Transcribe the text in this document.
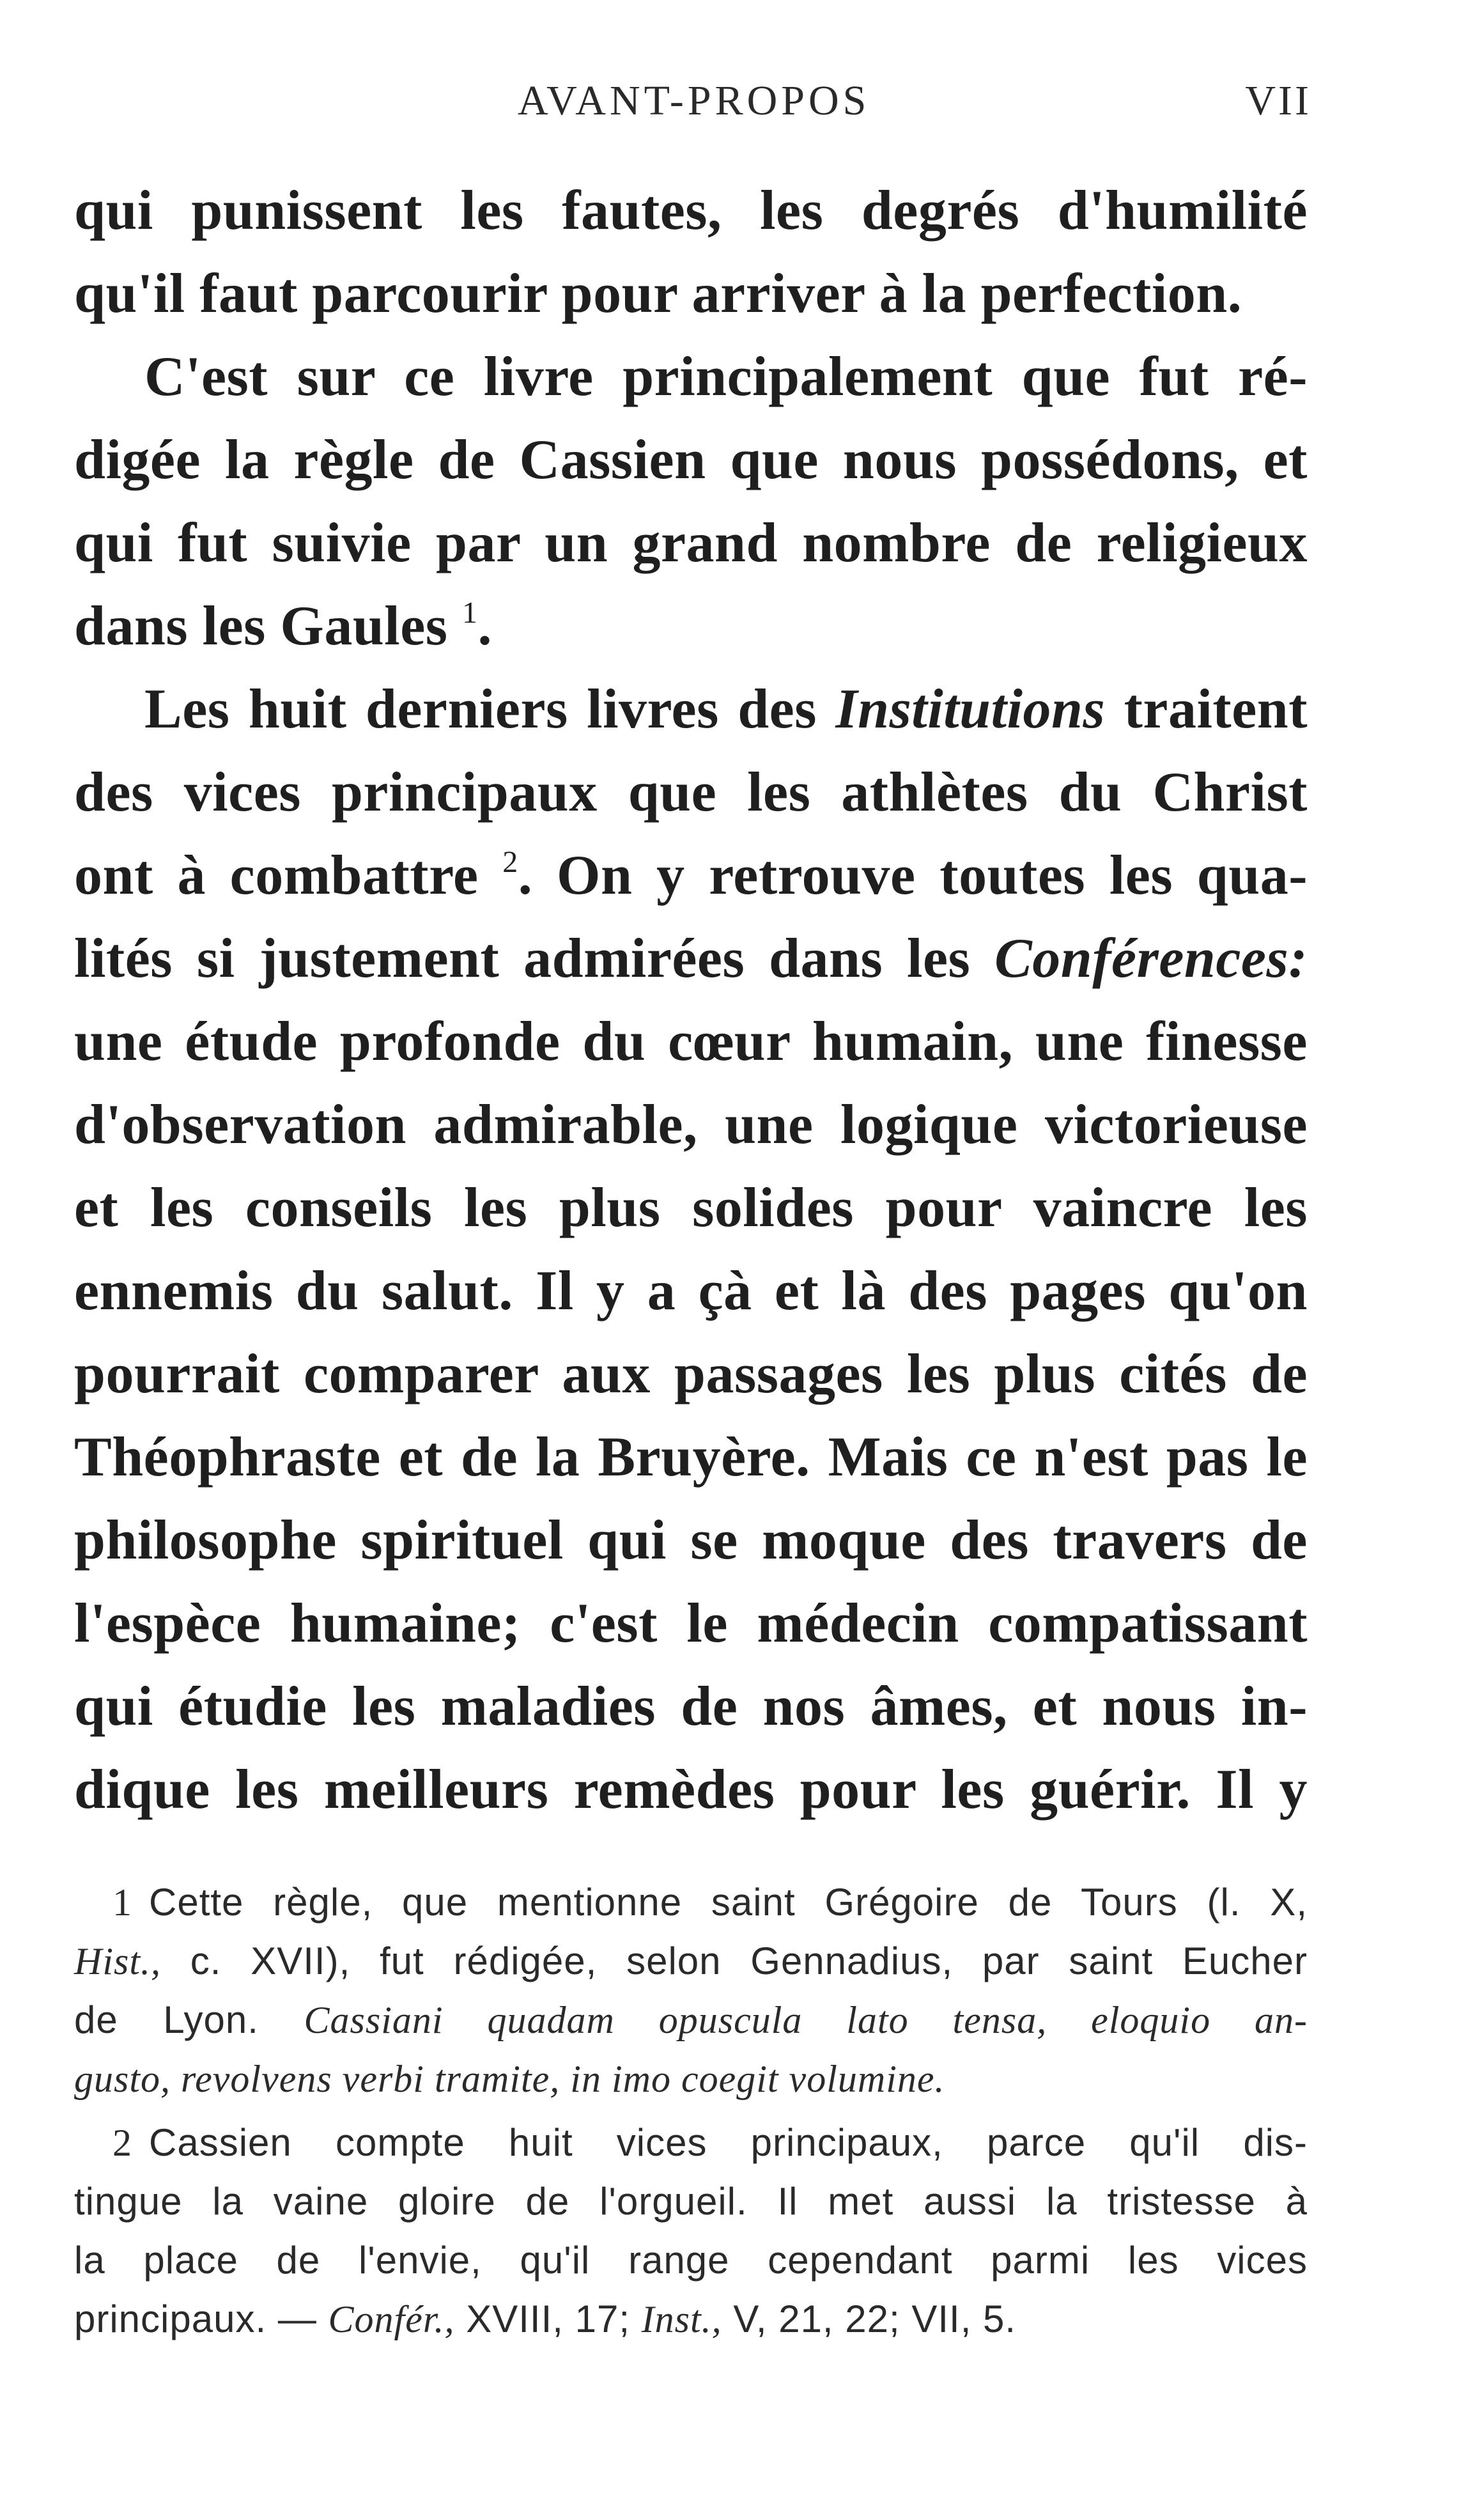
AVANT-PROPOS	VII
qui punissent les fautes, les degrés d'humilité
qu'il faut parcourir pour arriver à la perfection.
C'est sur ce livre principalement que fut ré-
digée la règle de Cassien que nous possédons, et
qui fut suivie par un grand nombre de religieux
dans les Gaules $^1$.
Les huit derniers livres des Institutions traitent
des vices principaux que les athlètes du Christ
ont à combattre $^2$. On y retrouve toutes les qua-
lités si justement admirées dans les Conférences:
une étude profonde du cœur humain, une finesse
d'observation admirable, une logique victorieuse
et les conseils les plus solides pour vaincre les
ennemis du salut. Il y a çà et là des pages qu'on
pourrait comparer aux passages les plus cités de
Théophraste et de la Bruyère. Mais ce n'est pas le
philosophe spirituel qui se moque des travers de
l'espèce humaine; c'est le médecin compatissant
qui étudie les maladies de nos âmes, et nous in-
dique les meilleurs remèdes pour les guérir. Il y
1 Cette règle, que mentionne saint Grégoire de Tours (l. X,
Hist., c. XVII), fut rédigée, selon Gennadius, par saint Eucher
de Lyon. Cassiani quadam opuscula lato tensa, eloquio an-
gusto, revolvens verbi tramite, in imo coegit volumine.
2 Cassien compte huit vices principaux, parce qu'il dis-
tingue la vaine gloire de l'orgueil. Il met aussi la tristesse à
la place de l'envie, qu'il range cependant parmi les vices
principaux. — Confér., XVIII, 17; Inst., V, 21, 22; VII, 5.
